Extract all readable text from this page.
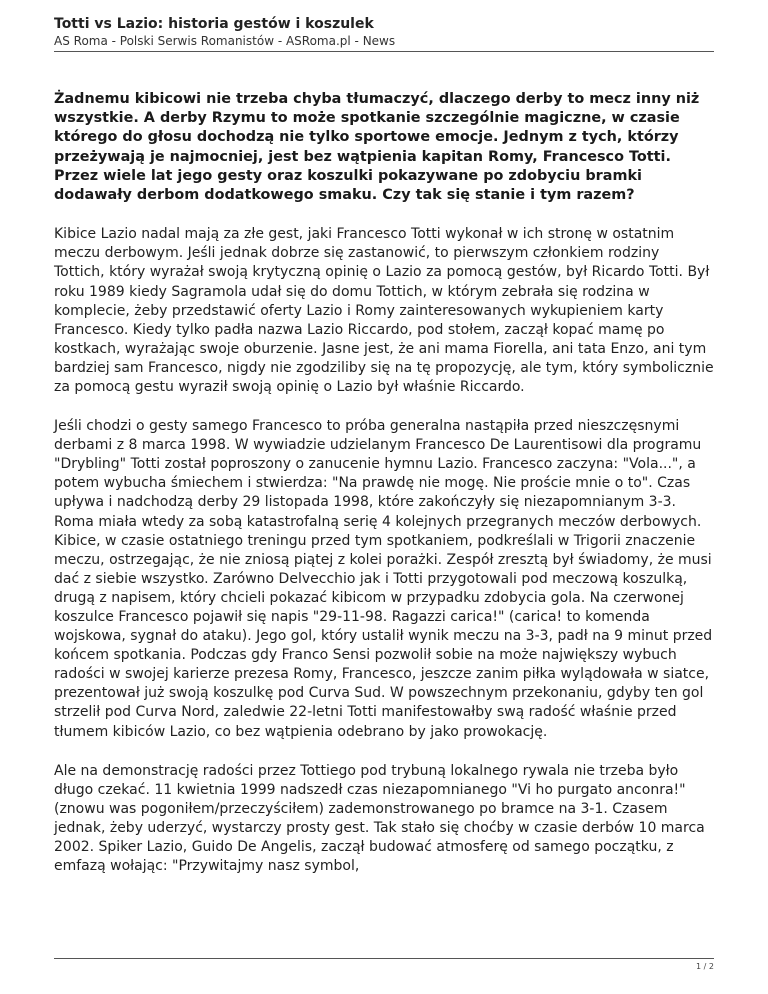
Totti vs Lazio: historia gestów i koszulek
AS Roma - Polski Serwis Romanistów - ASRoma.pl - News

Żadnemu kibicowi nie trzeba chyba tłumaczyć, dlaczego derby to mecz inny niż wszystkie. A derby Rzymu to może spotkanie szczególnie magiczne, w czasie którego do głosu dochodzą nie tylko sportowe emocje. Jednym z tych, którzy przeżywają je najmocniej, jest bez wątpienia kapitan Romy, Francesco Totti. Przez wiele lat jego gesty oraz koszulki pokazywane po zdobyciu bramki dodawały derbom dodatkowego smaku. Czy tak się stanie i tym razem?

Kibice Lazio nadal mają za złe gest, jaki Francesco Totti wykonał w ich stronę w ostatnim meczu derbowym. Jeśli jednak dobrze się zastanowić, to pierwszym członkiem rodziny Tottich, który wyrażał swoją krytyczną opinię o Lazio za pomocą gestów, był Ricardo Totti. Był roku 1989 kiedy Sagramola udał się do domu Tottich, w którym zebrała się rodzina w komplecie, żeby przedstawić oferty Lazio i Romy zainteresowanych wykupieniem karty Francesco. Kiedy tylko padła nazwa Lazio Riccardo, pod stołem, zaczął kopać mamę po kostkach, wyrażając swoje oburzenie. Jasne jest, że ani mama Fiorella, ani tata Enzo, ani tym bardziej sam Francesco, nigdy nie zgodziliby się na tę propozycję, ale tym, który symbolicznie za pomocą gestu wyraził swoją opinię o Lazio był właśnie Riccardo.

Jeśli chodzi o gesty samego Francesco to próba generalna nastąpiła przed nieszczęsnymi derbami z 8 marca 1998. W wywiadzie udzielanym Francesco De Laurentisowi dla programu "Drybling" Totti został poproszony o zanucenie hymnu Lazio. Francesco zaczyna: "Vola...", a potem wybucha śmiechem i stwierdza: "Na prawdę nie mogę. Nie proście mnie o to". Czas upływa i nadchodzą derby 29 listopada 1998, które zakończyły się niezapomnianym 3-3. Roma miała wtedy za sobą katastrofalną serię 4 kolejnych przegranych meczów derbowych. Kibice, w czasie ostatniego treningu przed tym spotkaniem, podkreślali w Trigorii znaczenie meczu, ostrzegając, że nie zniosą piątej z kolei porażki. Zespół zresztą był świadomy, że musi dać z siebie wszystko. Zarówno Delvecchio jak i Totti przygotowali pod meczową koszulką, drugą z napisem, który chcieli pokazać kibicom w przypadku zdobycia gola. Na czerwonej koszulce Francesco pojawił się napis "29-11-98. Ragazzi carica!" (carica! to komenda wojskowa, sygnał do ataku). Jego gol, który ustalił wynik meczu na 3-3, padł na 9 minut przed końcem spotkania. Podczas gdy Franco Sensi pozwolił sobie na może największy wybuch radości w swojej karierze prezesa Romy, Francesco, jeszcze zanim piłka wylądowała w siatce, prezentował już swoją koszulkę pod Curva Sud. W powszechnym przekonaniu, gdyby ten gol strzelił pod Curva Nord, zaledwie 22-letni Totti manifestowałby swą radość właśnie przed tłumem kibiców Lazio, co bez wątpienia odebrano by jako prowokację.

Ale na demonstrację radości przez Tottiego pod trybuną lokalnego rywala nie trzeba było długo czekać. 11 kwietnia 1999 nadszedł czas niezapomnianego "Vi ho purgato anconra!" (znowu was pogoniłem/przeczyściłem) zademonstrowanego po bramce na 3-1. Czasem jednak, żeby uderzyć, wystarczy prosty gest. Tak stało się choćby w czasie derbów 10 marca 2002. Spiker Lazio, Guido De Angelis, zaczął budować atmosferę od samego początku, z emfazą wołając: "Przywitajmy nasz symbol,

1 / 2
